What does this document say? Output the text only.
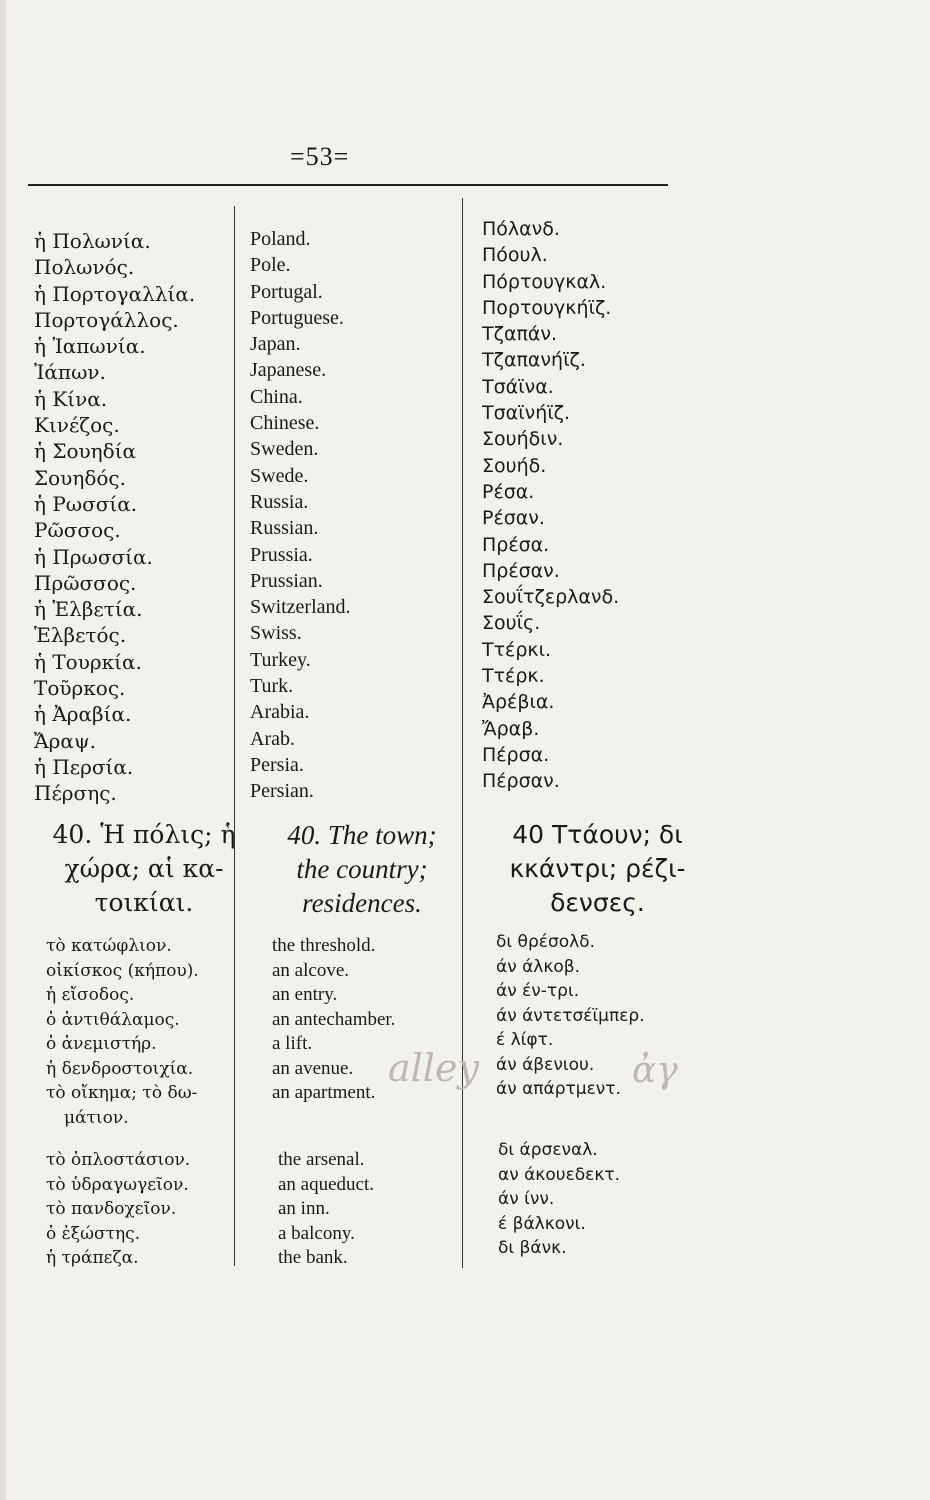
=53=
ἡ Πολωνία.
Πολωνός.
ἡ Πορτογαλλία.
Πορτογάλλος.
ἡ Ἰαπωνία.
Ἰάπων.
ἡ Κίνα.
Κινέζος.
ἡ Σουηδία
Σουηδός.
ἡ Ρωσσία.
Ρῶσσος.
ἡ Πρωσσία.
Πρῶσσος.
ἡ Ἑλβετία.
Ἑλβετός.
ἡ Τουρκία.
Τοῦρκος.
ἡ Ἀραβία.
Ἄραψ.
ἡ Περσία.
Πέρσης.
Poland.
Pole.
Portugal.
Portuguese.
Japan.
Japanese.
China.
Chinese.
Sweden.
Swede.
Russia.
Russian.
Prussia.
Prussian.
Switzerland.
Swiss.
Turkey.
Turk.
Arabia.
Arab.
Persia.
Persian.
Πόλανδ.
Πόουλ.
Πόρτουγκαλ.
Πορτουγκήϊζ.
Τζαπάν.
Τζαπανήϊζ.
Τσάϊνα.
Τσαϊνήϊζ.
Σουήδιν.
Σουήδ.
Ρέσα.
Ρέσαν.
Πρέσα.
Πρέσαν.
Σουΐτζερλανδ.
Σουΐς.
Ττέρκι.
Ττέρκ.
Ἀρέβια.
Ἄραβ.
Πέρσα.
Πέρσαν.
40. Ἡ πόλις; ἡ
χώρα; αἱ κα-
τοικίαι.
40. The town;
the country;
residences.
40 Ττάουν; δι
κκάντρι; ρέζι-
δενσες.
τὸ κατώφλιον.
οἰκίσκος (κήπου).
ἡ εἴσοδος.
ὁ ἀντιθάλαμος.
ὁ ἀνεμιστήρ.
ἡ δενδροστοιχία.
τὸ οἴκημα; τὸ δω-
μάτιον.
the threshold.
an alcove.
an entry.
an antechamber.
a lift.
an avenue.
an apartment.
δι θρέσολδ.
άν άλκοβ.
άν έν-τρι.
άν άντετσέϊμπερ.
έ λίφτ.
άν άβενιου.
άν απάρτμεντ.
τὸ ὁπλοστάσιον.
τὸ ὑδραγωγεῖον.
τὸ πανδοχεῖον.
ὁ ἐξώστης.
ἡ τράπεζα.
the arsenal.
an aqueduct.
an inn.
a balcony.
the bank.
δι άρσεναλ.
αν άκουεδεκτ.
άν ίνν.
έ βάλκονι.
δι βάνκ.
alley	ἀγ
